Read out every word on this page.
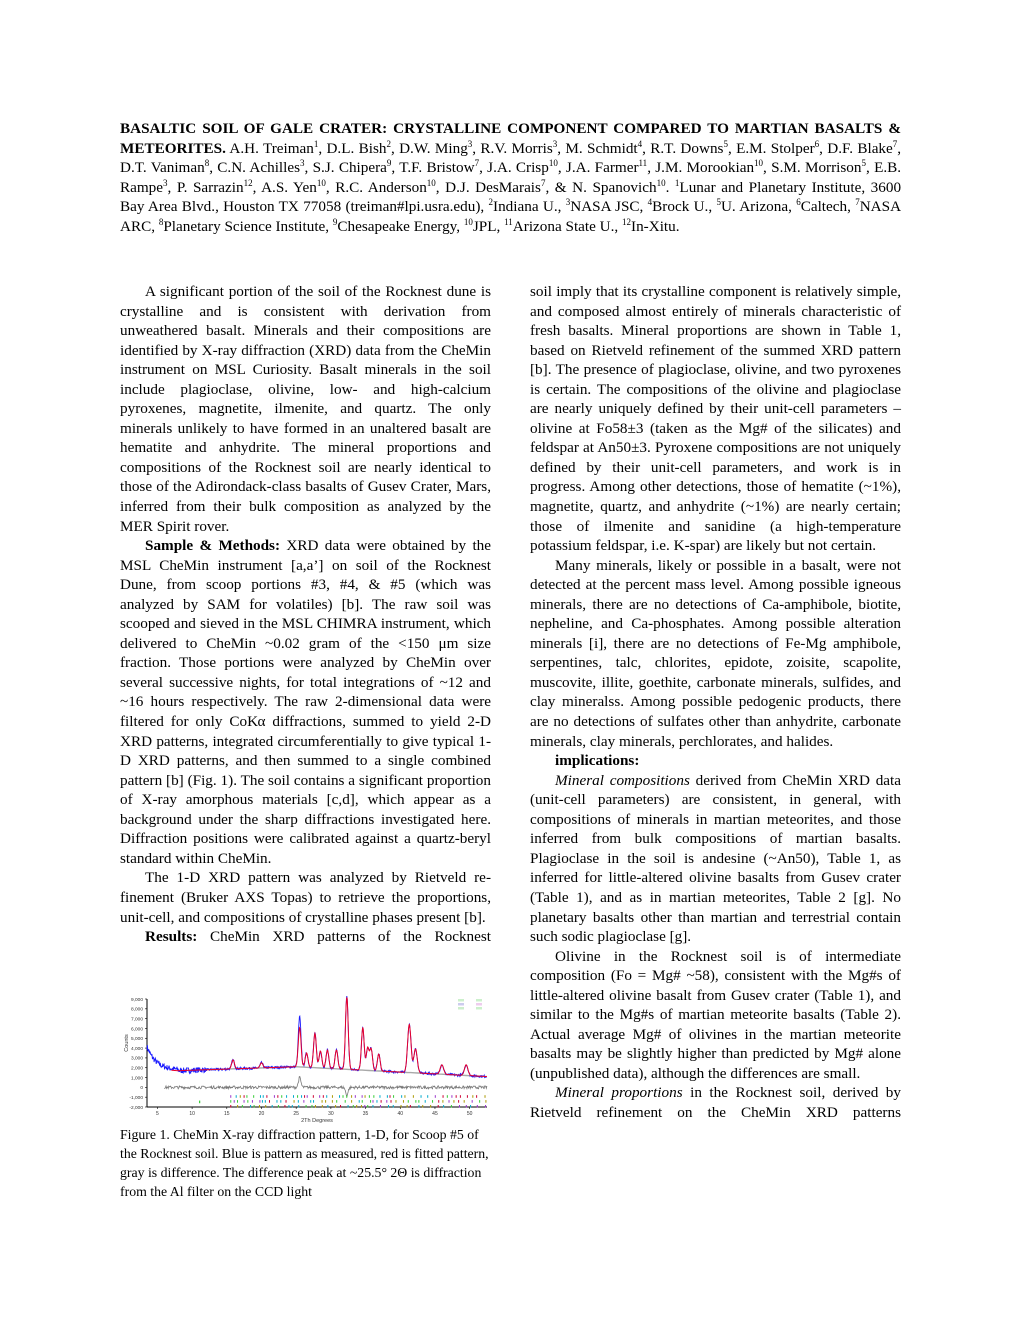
BASALTIC SOIL OF GALE CRATER: CRYSTALLINE COMPONENT COMPARED TO MARTIAN BASALTS & METEORITES. A.H. Treiman$^1$, D.L. Bish$^2$, D.W. Ming$^3$, R.V. Morris$^3$, M. Schmidt$^4$, R.T. Downs$^5$, E.M. Stolper$^6$, D.F. Blake$^7$, D.T. Vaniman$^8$, C.N. Achilles$^3$, S.J. Chipera$^9$, T.F. Bristow$^7$, J.A. Crisp$^{10}$, J.A. Farmer$^{11}$, J.M. Morookian$^{10}$, S.M. Morrison$^5$, E.B. Rampe$^3$, P. Sarrazin$^{12}$, A.S. Yen$^{10}$, R.C. Anderson$^{10}$, D.J. DesMarais$^7$, & N. Spanovich$^{10}$. $^1$Lunar and Planetary Institute, 3600 Bay Area Blvd., Houston TX 77058 (treiman#lpi.usra.edu), $^2$Indiana U., $^3$NASA JSC, $^4$Brock U., $^5$U. Arizona, $^6$Caltech, $^7$NASA ARC, $^8$Planetary Science Institute, $^9$Chesapeake Energy, $^{10}$JPL, $^{11}$Arizona State U., $^{12}$In-Xitu.

A significant portion of the soil of the Rocknest dune is crystalline and is consistent with derivation from unweathered basalt. Minerals and their compositions are identified by X-ray diffraction (XRD) data from the CheMin instrument on MSL Curiosity. Basalt minerals in the soil include plagioclase, olivine, low- and high-calcium pyroxenes, magnetite, ilmenite, and quartz. The only minerals unlikely to have formed in an unaltered basalt are hematite and anhydrite. The mineral proportions and compositions of the Rocknest soil are nearly identical to those of the Adirondack-class basalts of Gusev Crater, Mars, inferred from their bulk composition as analyzed by the MER Spirit rover.

Sample & Methods: XRD data were obtained by the MSL CheMin instrument [a,a’] on soil of the Rocknest Dune, from scoop portions #3, #4, & #5 (which was analyzed by SAM for volatiles) [b]. The raw soil was scooped and sieved in the MSL CHIMRA instrument, which delivered to CheMin ~0.02 gram of the <150 μm size fraction. Those portions were analyzed by CheMin over several successive nights, for total integrations of ~12 and ~16 hours respectively. The raw 2-dimensional data were filtered for only CoΚα diffractions, summed to yield 2-D XRD patterns, integrated circumferentially to give typical 1-D XRD patterns, and then summed to a single combined pattern [b] (Fig. 1). The soil contains a significant proportion of X-ray amorphous materials [c,d], which appear as a background under the sharp diffractions investigated here. Diffraction positions were calibrated against a quartz-beryl standard within CheMin.

The 1-D XRD pattern was analyzed by Rietveld refinement (Bruker AXS Topas) to retrieve the proportions, unit-cell, and compositions of crystalline phases present [b].

Results: CheMin XRD patterns of the Rocknest

-2,000
-1,000
0
1,000
2,000
3,000
4,000
5,000
6,000
7,000
8,000
9,000
5	10	15	20	25	30	35	40	45	50
2Th Degrees
Counts

Figure 1. CheMin X-ray diffraction pattern, 1-D, for Scoop #5 of the Rocknest soil. Blue is pattern as measured, red is fitted pattern, gray is difference. The difference peak at ~25.5° 2Θ is diffraction from the Al filter on the CCD light

soil imply that its crystalline component is relatively simple, and composed almost entirely of minerals characteristic of fresh basalts. Mineral proportions are shown in Table 1, based on Rietveld refinement of the summed XRD pattern [b]. The presence of plagioclase, olivine, and two pyroxenes is certain. The compositions of the olivine and plagioclase are nearly uniquely defined by their unit-cell parameters – olivine at Fo58±3 (taken as the Mg# of the silicates) and feldspar at An50±3. Pyroxene compositions are not uniquely defined by their unit-cell parameters, and work is in progress. Among other detections, those of hematite (~1%), magnetite, quartz, and anhydrite (~1%) are nearly certain; those of ilmenite and sanidine (a high-temperature potassium feldspar, i.e. K-spar) are likely but not certain.

Many minerals, likely or possible in a basalt, were not detected at the percent mass level. Among possible igneous minerals, there are no detections of Ca-amphibole, biotite, nepheline, and Ca-phosphates. Among possible alteration minerals [i], there are no detections of Fe-Mg amphibole, serpentines, talc, chlorites, epidote, zoisite, scapolite, muscovite, illite, goethite, carbonate minerals, sulfides, and clay mineralss. Among possible pedogenic products, there are no detections of sulfates other than anhydrite, carbonate minerals, clay minerals, perchlorates, and halides.

implications:

Mineral compositions derived from CheMin XRD data (unit-cell parameters) are consistent, in general, with compositions of minerals in martian meteorites, and those inferred from bulk compositions of martian basalts. Plagioclase in the soil is andesine (~An50), Table 1, as inferred for little-altered olivine basalts from Gusev crater (Table 1), and as in martian meteorites, Table 2 [g]. No planetary basalts other than martian and terrestrial contain such sodic plagioclase [g].

Olivine in the Rocknest soil is of intermediate composition (Fo = Mg# ~58), consistent with the Mg#s of little-altered olivine basalt from Gusev crater (Table 1), and similar to the Mg#s of martian meteorite basalts (Table 2). Actual average Mg# of olivines in the martian meteorite basalts may be slightly higher than predicted by Mg# alone (unpublished data), although the differences are small.

Mineral proportions in the Rocknest soil, derived by Rietveld refinement on the CheMin XRD patterns
